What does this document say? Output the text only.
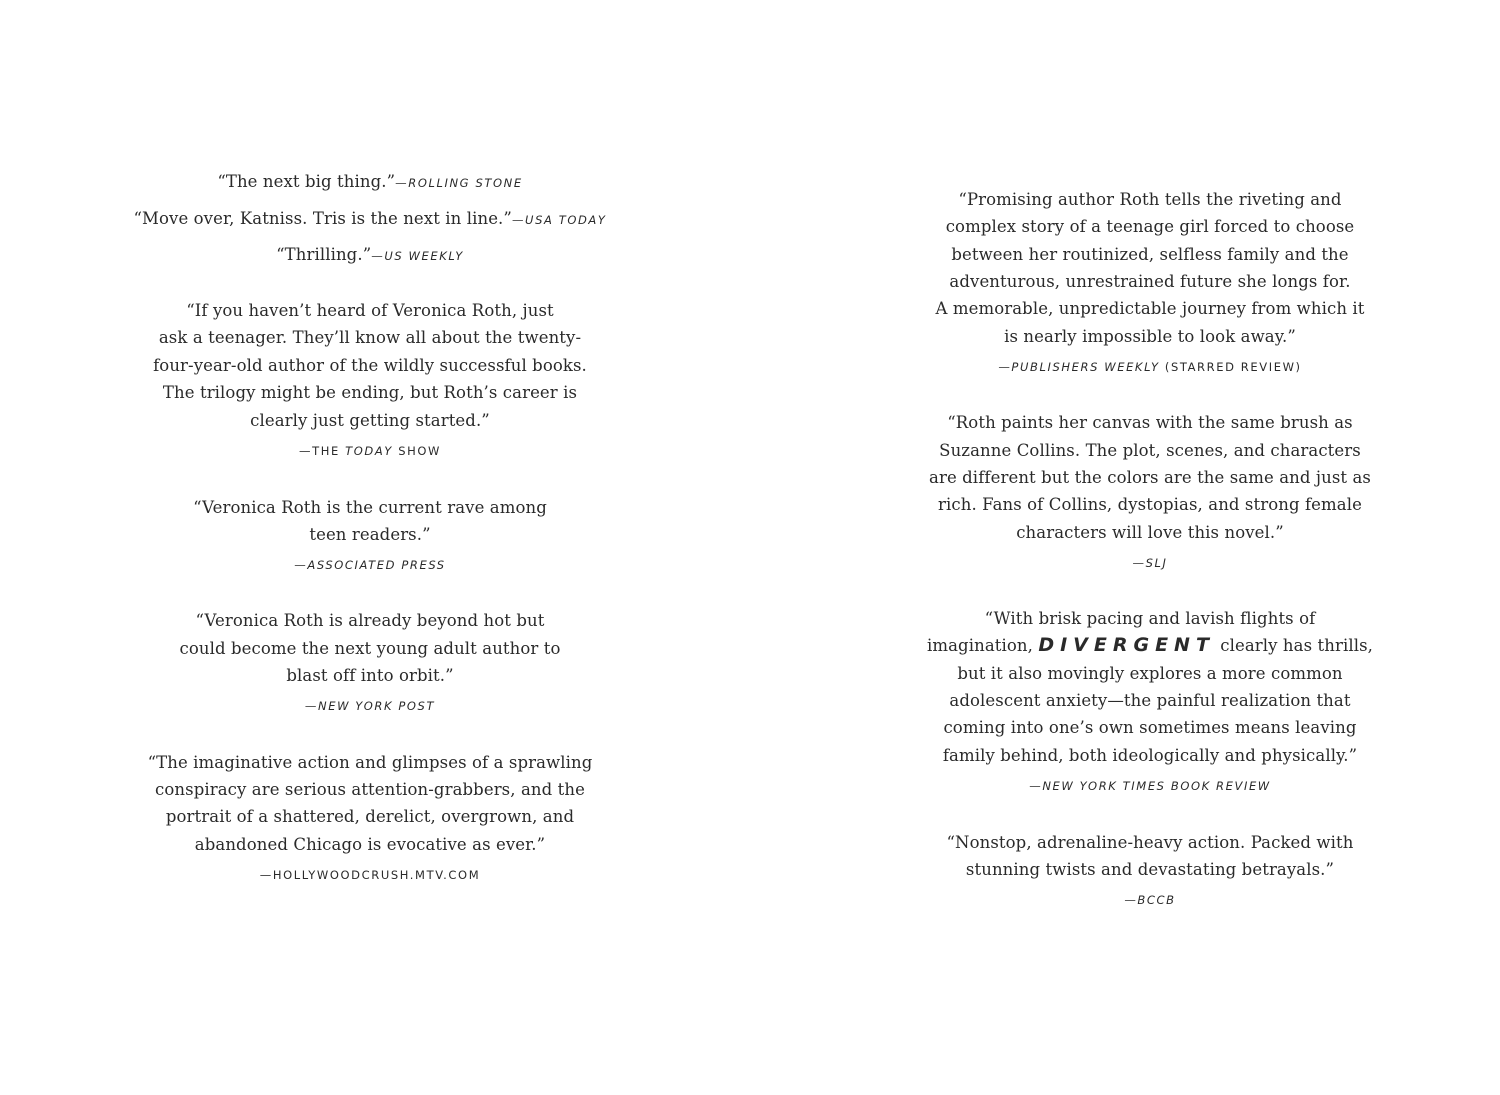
“The next big thing.”—ROLLING STONE
“Move over, Katniss. Tris is the next in line.”—USA TODAY
“Thrilling.”—US WEEKLY
“If you haven’t heard of Veronica Roth, just
ask a teenager. They’ll know all about the twenty-
four-year-old author of the wildly successful books.
The trilogy might be ending, but Roth’s career is
clearly just getting started.”
—THE TODAY SHOW
“Veronica Roth is the current rave among
teen readers.”
—ASSOCIATED PRESS
“Veronica Roth is already beyond hot but
could become the next young adult author to
blast off into orbit.”
—NEW YORK POST
“The imaginative action and glimpses of a sprawling
conspiracy are serious attention-grabbers, and the
portrait of a shattered, derelict, overgrown, and
abandoned Chicago is evocative as ever.”
—HOLLYWOODCRUSH.MTV.COM
“Promising author Roth tells the riveting and
complex story of a teenage girl forced to choose
between her routinized, selfless family and the
adventurous, unrestrained future she longs for.
A memorable, unpredictable journey from which it
is nearly impossible to look away.”
—PUBLISHERS WEEKLY (STARRED REVIEW)
“Roth paints her canvas with the same brush as
Suzanne Collins. The plot, scenes, and characters
are different but the colors are the same and just as
rich. Fans of Collins, dystopias, and strong female
characters will love this novel.”
—SLJ
“With brisk pacing and lavish flights of
imagination, DIVERGENT clearly has thrills,
but it also movingly explores a more common
adolescent anxiety—the painful realization that
coming into one’s own sometimes means leaving
family behind, both ideologically and physically.”
—NEW YORK TIMES BOOK REVIEW
“Nonstop, adrenaline-heavy action. Packed with
stunning twists and devastating betrayals.”
—BCCB
